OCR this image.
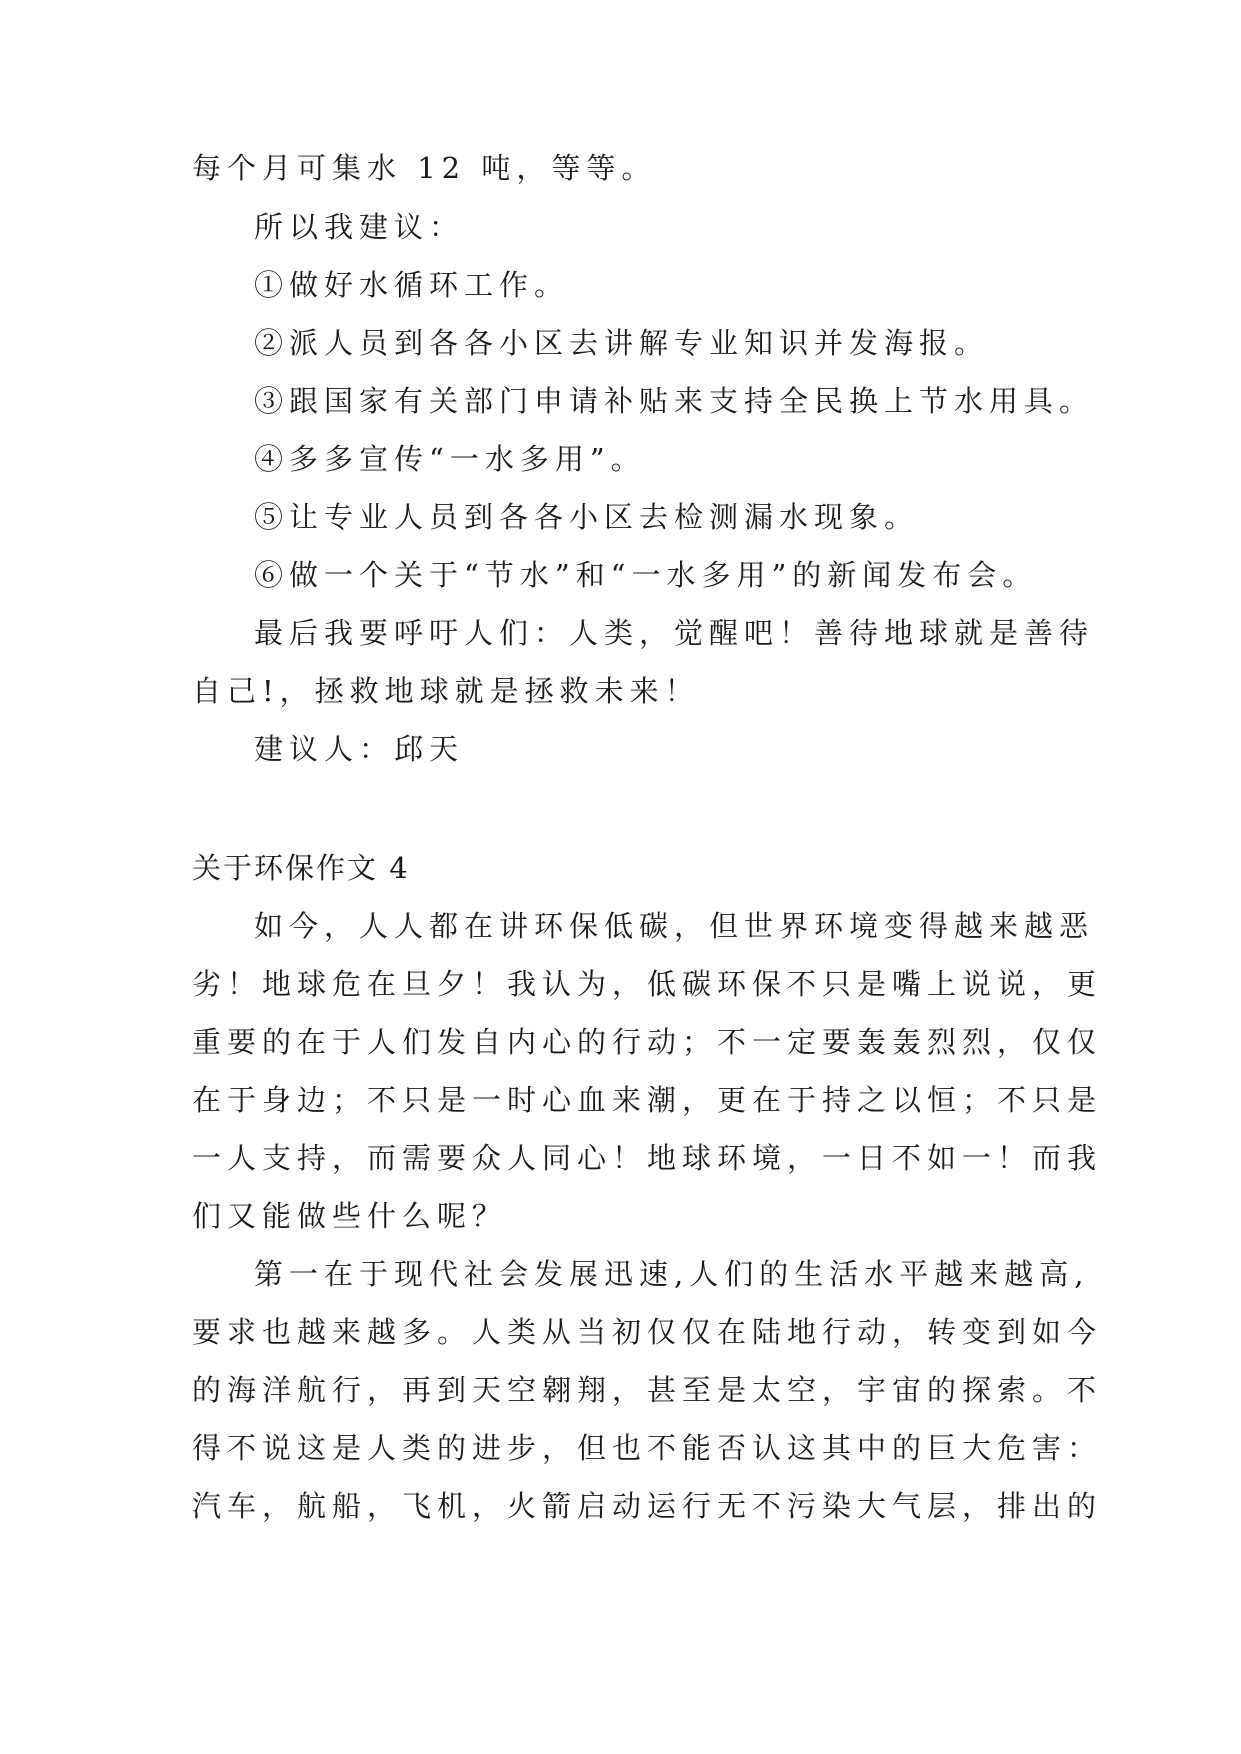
每个月可集水 12 吨，等等。
所以我建议：
①做好水循环工作。
②派人员到各各小区去讲解专业知识并发海报。
③跟国家有关部门申请补贴来支持全民换上节水用具。
④多多宣传“一水多用”。
⑤让专业人员到各各小区去检测漏水现象。
⑥做一个关于“节水”和“一水多用”的新闻发布会。
最后我要呼吁人们：人类，觉醒吧！善待地球就是善待
自己!，拯救地球就是拯救未来！
建议人：邱天
关于环保作文 4
如今，人人都在讲环保低碳，但世界环境变得越来越恶
劣！地球危在旦夕！我认为，低碳环保不只是嘴上说说，更
重要的在于人们发自内心的行动；不一定要轰轰烈烈，仅仅
在于身边；不只是一时心血来潮，更在于持之以恒；不只是
一人支持，而需要众人同心！地球环境，一日不如一！而我
们又能做些什么呢？
第一在于现代社会发展迅速,人们的生活水平越来越高,
要求也越来越多。人类从当初仅仅在陆地行动，转变到如今
的海洋航行，再到天空翱翔，甚至是太空，宇宙的探索。不
得不说这是人类的进步，但也不能否认这其中的巨大危害：
汽车，航船，飞机，火箭启动运行无不污染大气层，排出的
